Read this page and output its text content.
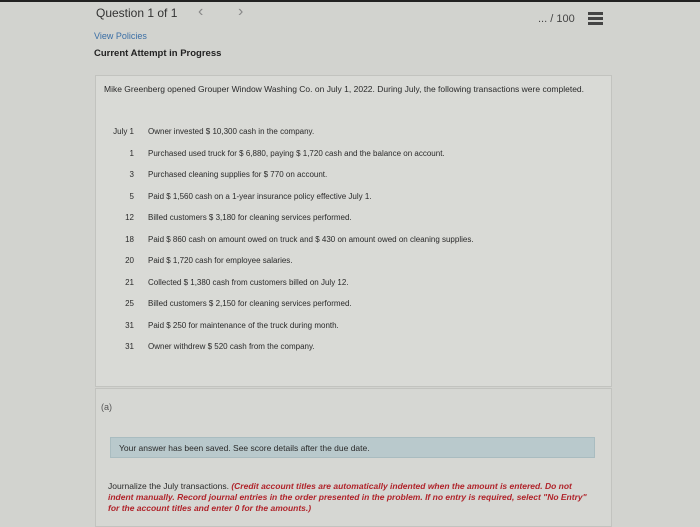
Question 1 of 1 ‹ ›	... / 100
View Policies
Current Attempt in Progress
Mike Greenberg opened Grouper Window Washing Co. on July 1, 2022. During July, the following transactions were completed.
(a)
Your answer has been saved. See score details after the due date.
Journalize the July transactions. (Credit account titles are automatically indented when the amount is entered. Do not indent manually. Record journal entries in the order presented in the problem. If no entry is required, select "No Entry" for the account titles and enter 0 for the amounts.)
July 1 Owner invested $ 10,300 cash in the company.
1 Purchased used truck for $ 6,880, paying $ 1,720 cash and the balance on account.
3 Purchased cleaning supplies for $ 770 on account.
5 Paid $ 1,560 cash on a 1-year insurance policy effective July 1.
12 Billed customers $ 3,180 for cleaning services performed.
18 Paid $ 860 cash on amount owed on truck and $ 430 on amount owed on cleaning supplies.
20 Paid $ 1,720 cash for employee salaries.
21 Collected $ 1,380 cash from customers billed on July 12.
25 Billed customers $ 2,150 for cleaning services performed.
31 Paid $ 250 for maintenance of the truck during month.
31 Owner withdrew $ 520 cash from the company.
